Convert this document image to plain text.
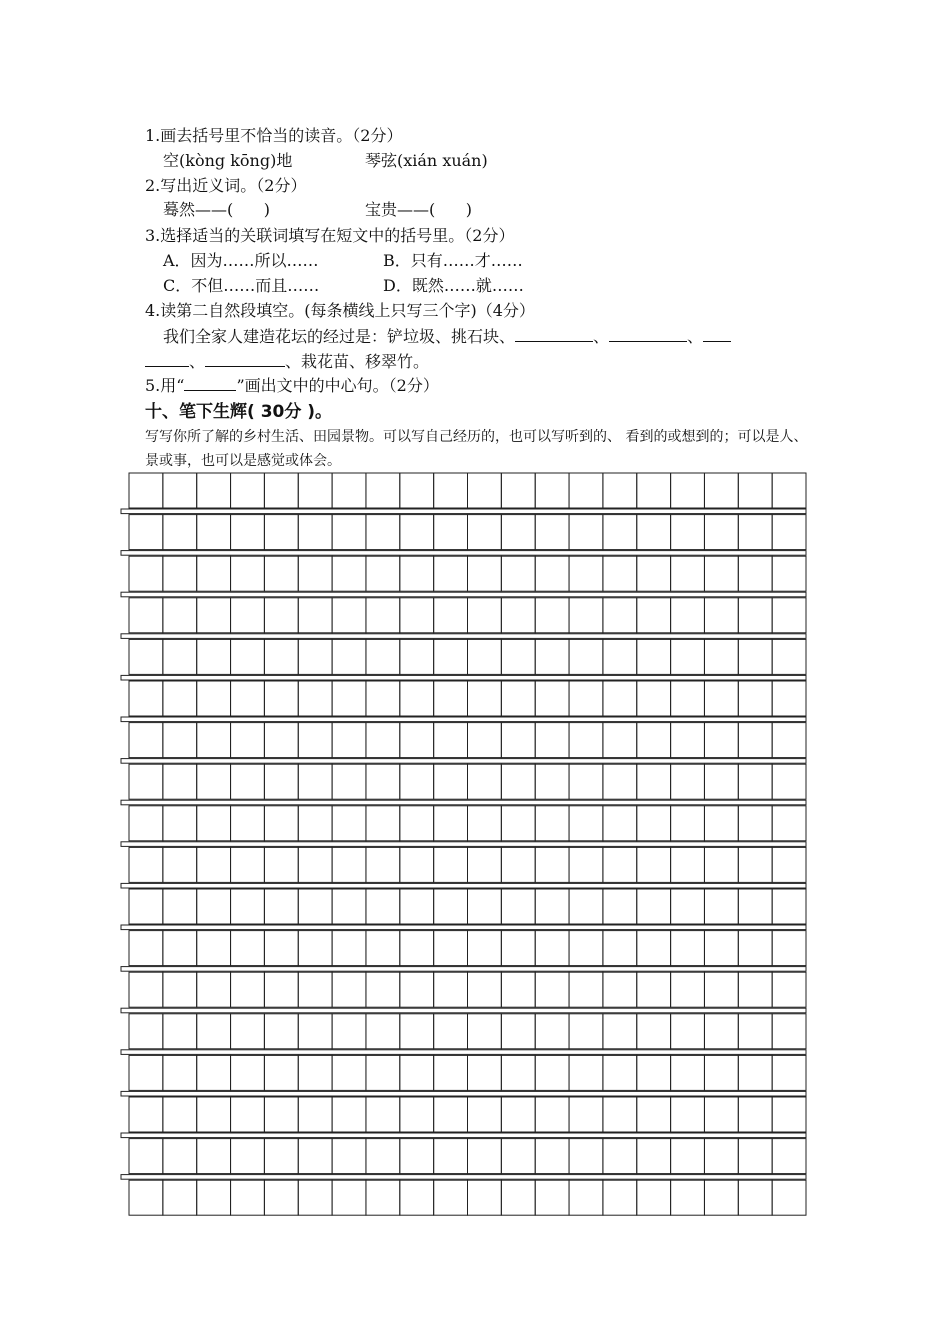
1.画去括号里不恰当的读音。（2分）
空(kòng kōng)地	琴弦(xián xuán)
2.写出近义词。（2分）
蓦然——(      )	宝贵——(      )
3.选择适当的关联词填写在短文中的括号里。（2分）
A．因为……所以……	B．只有……才……
C．不但……而且……	D．既然……就……
4.读第二自然段填空。(每条横线上只写三个字)（4分）
我们全家人建造花坛的经过是：铲垃圾、挑石块、	、	、
、	、栽花苗、移翠竹。
5.用“	”画出文中的中心句。（2分）
十、笔下生辉( 30分 )。
写写你所了解的乡村生活、田园景物。可以写自己经历的，也可以写听到的、 看到的或想到的；可以是人、景或事，也可以是感觉或体会。
